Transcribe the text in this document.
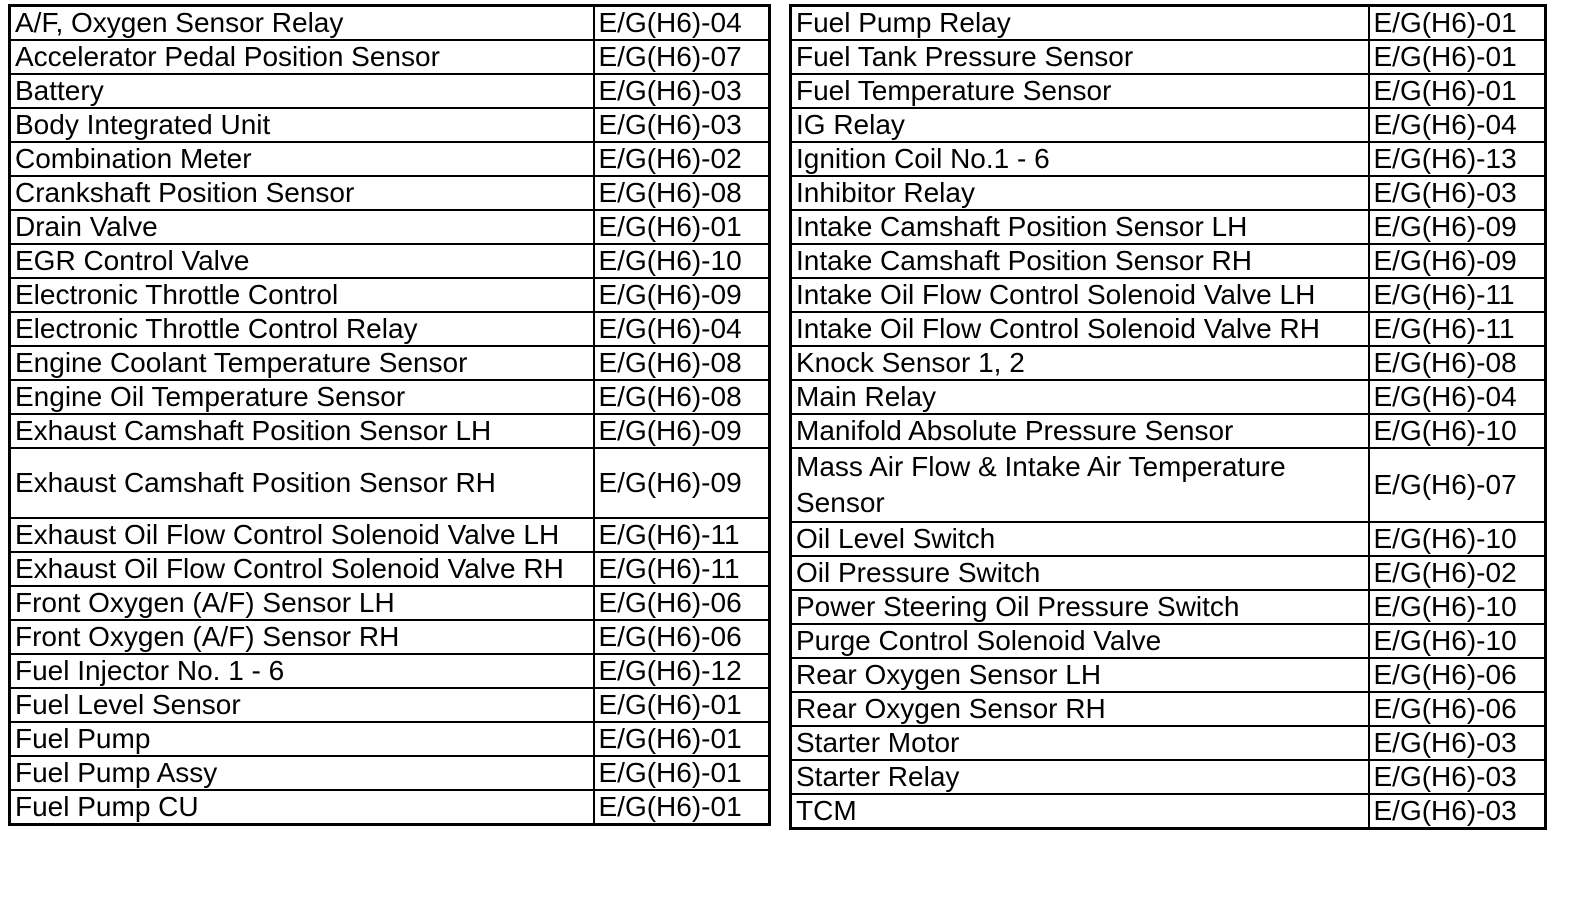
A/F, Oxygen Sensor Relay	E/G(H6)-04
Accelerator Pedal Position Sensor	E/G(H6)-07
Battery	E/G(H6)-03
Body Integrated Unit	E/G(H6)-03
Combination Meter	E/G(H6)-02
Crankshaft Position Sensor	E/G(H6)-08
Drain Valve	E/G(H6)-01
EGR Control Valve	E/G(H6)-10
Electronic Throttle Control	E/G(H6)-09
Electronic Throttle Control Relay	E/G(H6)-04
Engine Coolant Temperature Sensor	E/G(H6)-08
Engine Oil Temperature Sensor	E/G(H6)-08
Exhaust Camshaft Position Sensor LH	E/G(H6)-09
Exhaust Camshaft Position Sensor RH	E/G(H6)-09
Exhaust Oil Flow Control Solenoid Valve LH	E/G(H6)-11
Exhaust Oil Flow Control Solenoid Valve RH	E/G(H6)-11
Front Oxygen (A/F) Sensor LH	E/G(H6)-06
Front Oxygen (A/F) Sensor RH	E/G(H6)-06
Fuel Injector No. 1 - 6	E/G(H6)-12
Fuel Level Sensor	E/G(H6)-01
Fuel Pump	E/G(H6)-01
Fuel Pump Assy	E/G(H6)-01
Fuel Pump CU	E/G(H6)-01
Fuel Pump Relay	E/G(H6)-01
Fuel Tank Pressure Sensor	E/G(H6)-01
Fuel Temperature Sensor	E/G(H6)-01
IG Relay	E/G(H6)-04
Ignition Coil No.1 - 6	E/G(H6)-13
Inhibitor Relay	E/G(H6)-03
Intake Camshaft Position Sensor LH	E/G(H6)-09
Intake Camshaft Position Sensor RH	E/G(H6)-09
Intake Oil Flow Control Solenoid Valve LH	E/G(H6)-11
Intake Oil Flow Control Solenoid Valve RH	E/G(H6)-11
Knock Sensor 1, 2	E/G(H6)-08
Main Relay	E/G(H6)-04
Manifold Absolute Pressure Sensor	E/G(H6)-10
Mass Air Flow & Intake Air Temperature Sensor	E/G(H6)-07
Oil Level Switch	E/G(H6)-10
Oil Pressure Switch	E/G(H6)-02
Power Steering Oil Pressure Switch	E/G(H6)-10
Purge Control Solenoid Valve	E/G(H6)-10
Rear Oxygen Sensor LH	E/G(H6)-06
Rear Oxygen Sensor RH	E/G(H6)-06
Starter Motor	E/G(H6)-03
Starter Relay	E/G(H6)-03
TCM	E/G(H6)-03
